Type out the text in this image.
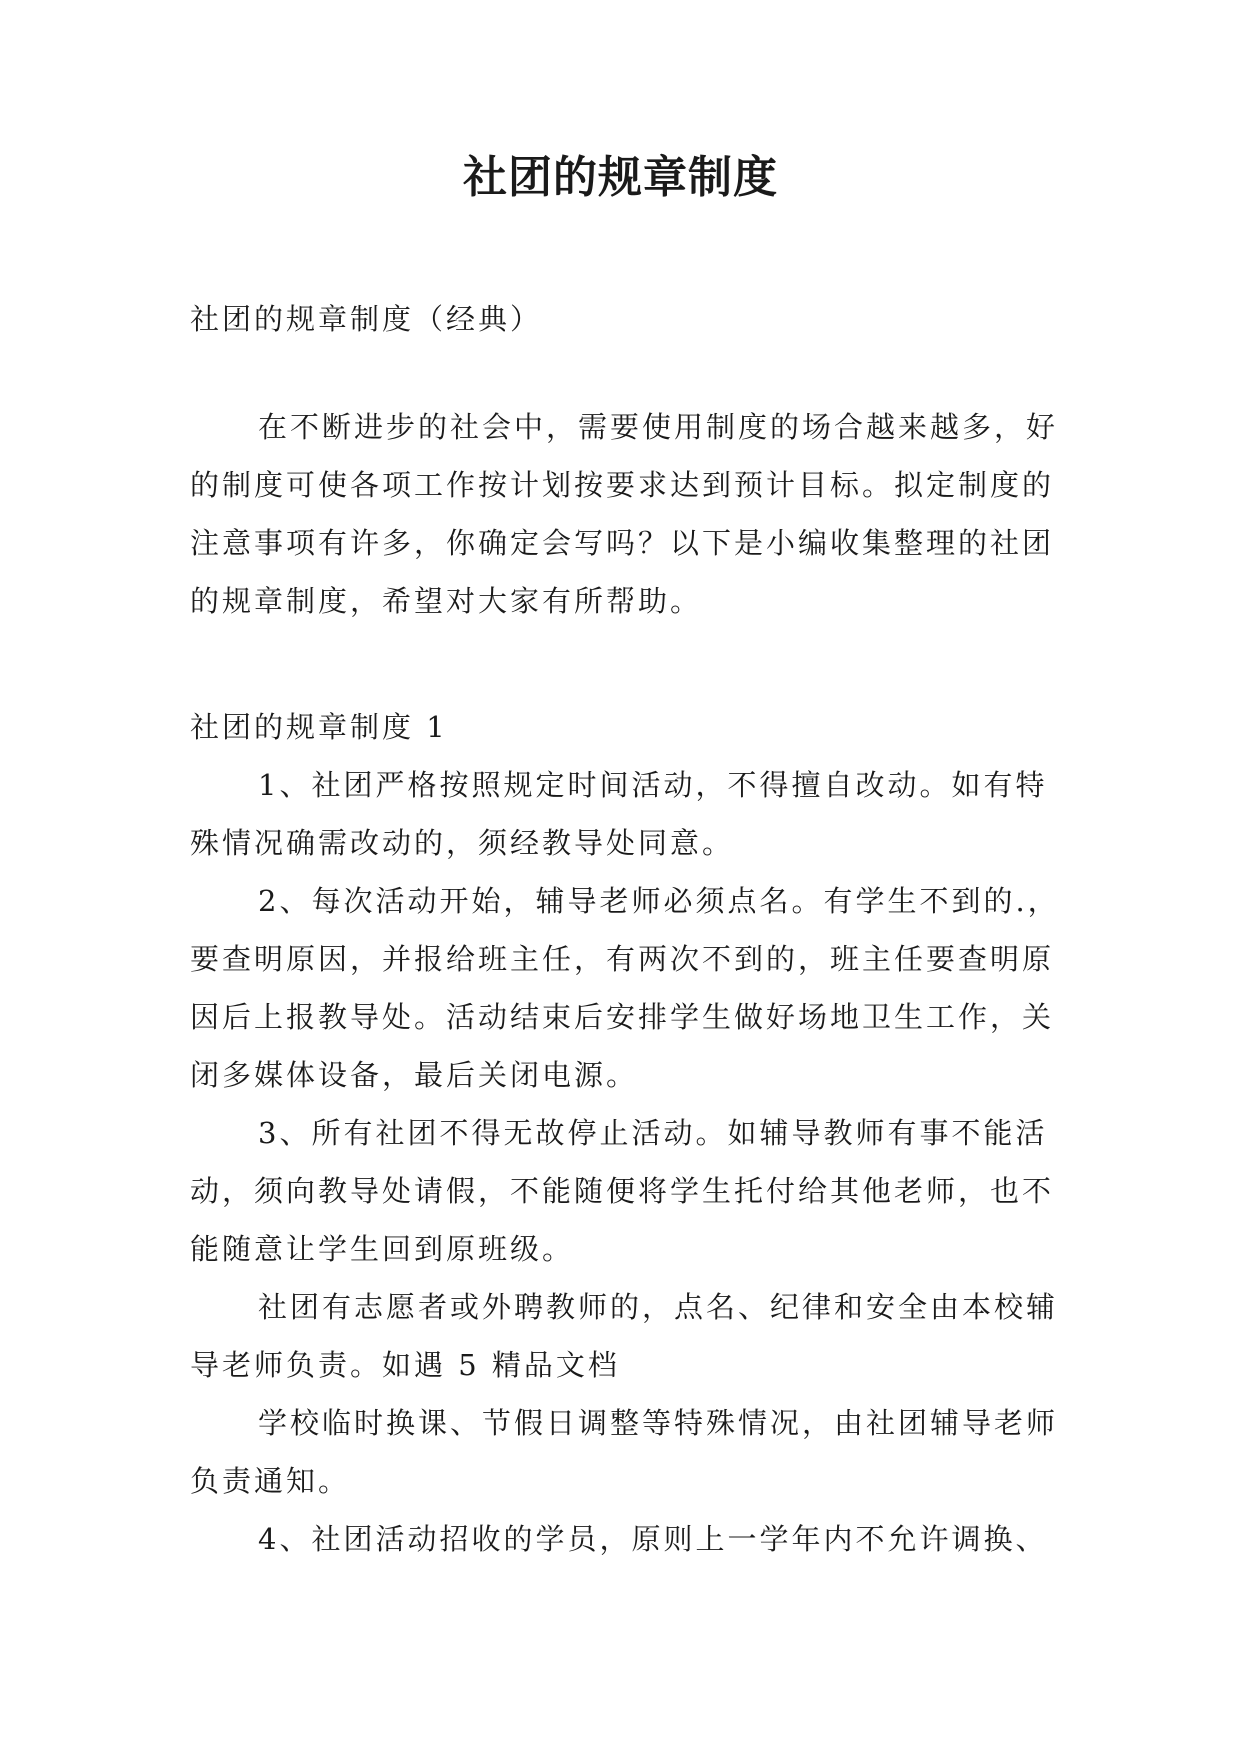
社团的规章制度
社团的规章制度（经典）

在不断进步的社会中，需要使用制度的场合越来越多，好的制度可使各项工作按计划按要求达到预计目标。拟定制度的注意事项有许多，你确定会写吗？以下是小编收集整理的社团的规章制度，希望对大家有所帮助。

社团的规章制度 1

1、社团严格按照规定时间活动，不得擅自改动。如有特殊情况确需改动的，须经教导处同意。

2、每次活动开始，辅导老师必须点名。有学生不到的.，要查明原因，并报给班主任，有两次不到的，班主任要查明原因后上报教导处。活动结束后安排学生做好场地卫生工作，关闭多媒体设备，最后关闭电源。

3、所有社团不得无故停止活动。如辅导教师有事不能活动，须向教导处请假，不能随便将学生托付给其他老师，也不能随意让学生回到原班级。

社团有志愿者或外聘教师的，点名、纪律和安全由本校辅导老师负责。如遇 5 精品文档

学校临时换课、节假日调整等特殊情况，由社团辅导老师负责通知。

4、社团活动招收的学员，原则上一学年内不允许调换、
